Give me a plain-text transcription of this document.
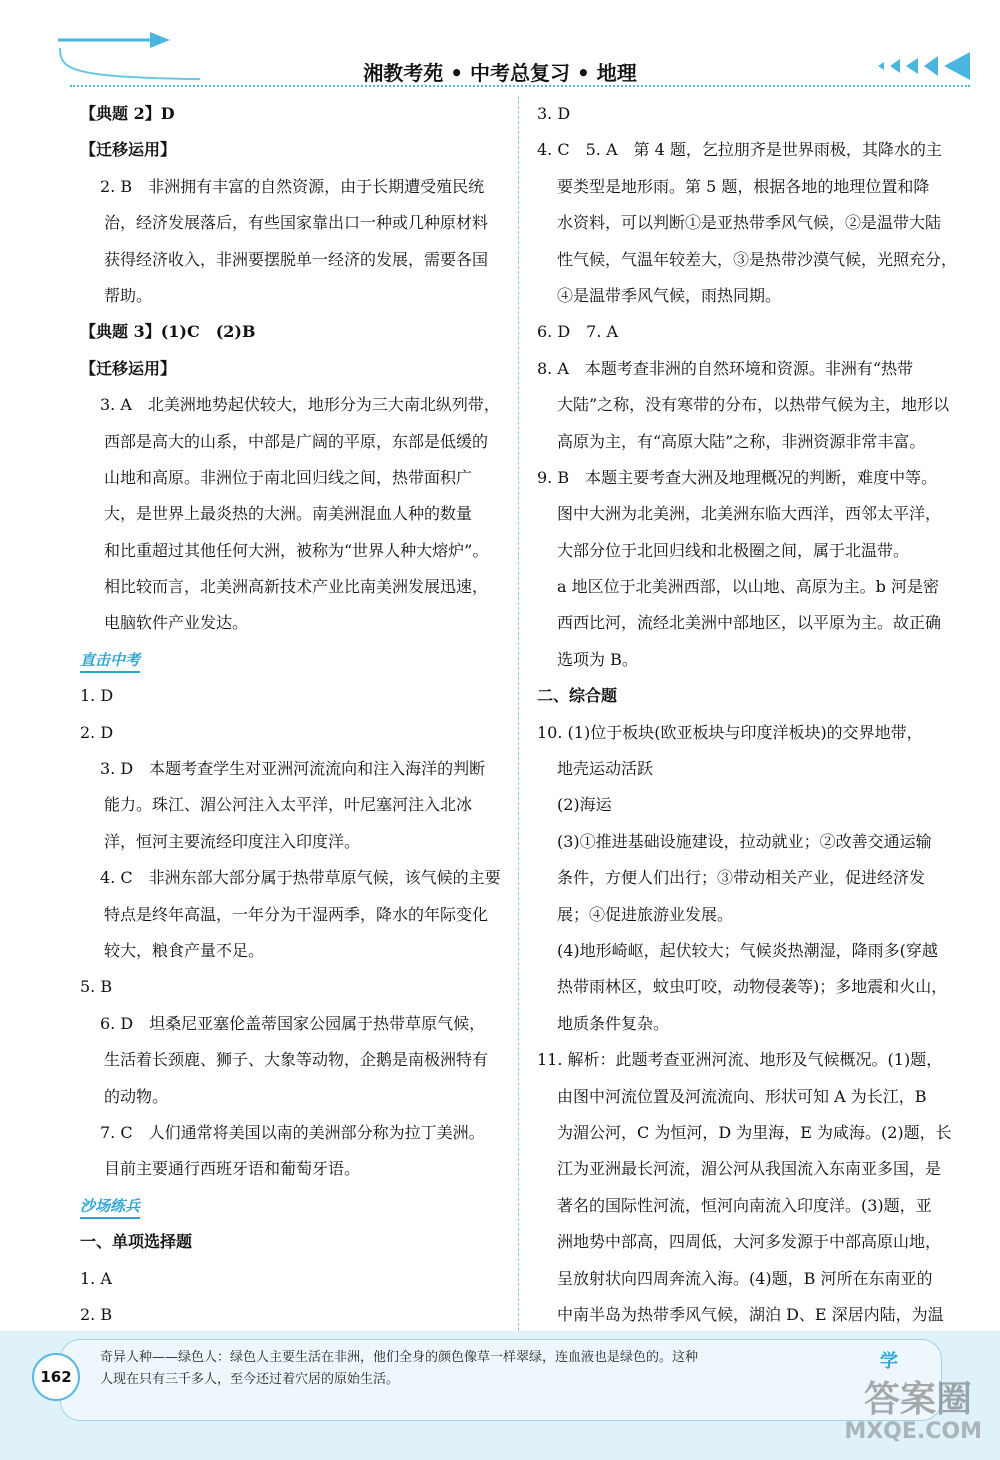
湘教考苑 • 中考总复习 • 地理
【典题 2】D
【迁移运用】
2. B　非洲拥有丰富的自然资源，由于长期遭受殖民统
治，经济发展落后，有些国家靠出口一种或几种原材料
获得经济收入，非洲要摆脱单一经济的发展，需要各国
帮助。
【典题 3】(1)C　(2)B
【迁移运用】
3. A　北美洲地势起伏较大，地形分为三大南北纵列带，
西部是高大的山系，中部是广阔的平原，东部是低缓的
山地和高原。非洲位于南北回归线之间，热带面积广
大，是世界上最炎热的大洲。南美洲混血人种的数量
和比重超过其他任何大洲，被称为“世界人种大熔炉”。
相比较而言，北美洲高新技术产业比南美洲发展迅速，
电脑软件产业发达。
直击中考
1. D
2. D
3. D　本题考查学生对亚洲河流流向和注入海洋的判断
能力。珠江、湄公河注入太平洋，叶尼塞河注入北冰
洋，恒河主要流经印度注入印度洋。
4. C　非洲东部大部分属于热带草原气候，该气候的主要
特点是终年高温，一年分为干湿两季，降水的年际变化
较大，粮食产量不足。
5. B
6. D　坦桑尼亚塞伦盖蒂国家公园属于热带草原气候，
生活着长颈鹿、狮子、大象等动物，企鹅是南极洲特有
的动物。
7. C　人们通常将美国以南的美洲部分称为拉丁美洲。
目前主要通行西班牙语和葡萄牙语。
沙场练兵
一、单项选择题
1. A
2. B
3. D
4. C　5. A　第 4 题，乞拉朋齐是世界雨极，其降水的主
要类型是地形雨。第 5 题，根据各地的地理位置和降
水资料，可以判断①是亚热带季风气候，②是温带大陆
性气候，气温年较差大，③是热带沙漠气候，光照充分，
④是温带季风气候，雨热同期。
6. D　7. A
8. A　本题考查非洲的自然环境和资源。非洲有“热带
大陆”之称，没有寒带的分布，以热带气候为主，地形以
高原为主，有“高原大陆”之称，非洲资源非常丰富。
9. B　本题主要考查大洲及地理概况的判断，难度中等。
图中大洲为北美洲，北美洲东临大西洋，西邻太平洋，
大部分位于北回归线和北极圈之间，属于北温带。
a 地区位于北美洲西部，以山地、高原为主。b 河是密
西西比河，流经北美洲中部地区，以平原为主。故正确
选项为 B。
二、综合题
10. (1)位于板块(欧亚板块与印度洋板块)的交界地带，
地壳运动活跃
(2)海运
(3)①推进基础设施建设，拉动就业；②改善交通运输
条件，方便人们出行；③带动相关产业，促进经济发
展；④促进旅游业发展。
(4)地形崎岖，起伏较大；气候炎热潮湿，降雨多(穿越
热带雨林区，蚊虫叮咬，动物侵袭等)；多地震和火山，
地质条件复杂。
11. 解析：此题考查亚洲河流、地形及气候概况。(1)题，
由图中河流位置及河流流向、形状可知 A 为长江，B
为湄公河，C 为恒河，D 为里海，E 为咸海。(2)题，长
江为亚洲最长河流，湄公河从我国流入东南亚多国，是
著名的国际性河流，恒河向南流入印度洋。(3)题，亚
洲地势中部高，四周低，大河多发源于中部高原山地，
呈放射状向四周奔流入海。(4)题，B 河所在东南亚的
中南半岛为热带季风气候，湖泊 D、E 深居内陆，为温
162
奇异人种——绿色人：绿色人主要生活在非洲，他们全身的颜色像草一样翠绿，连血液也是绿色的。这种
人现在只有三千多人，至今还过着穴居的原始生活。
学
答案圈
MXQE.COM
